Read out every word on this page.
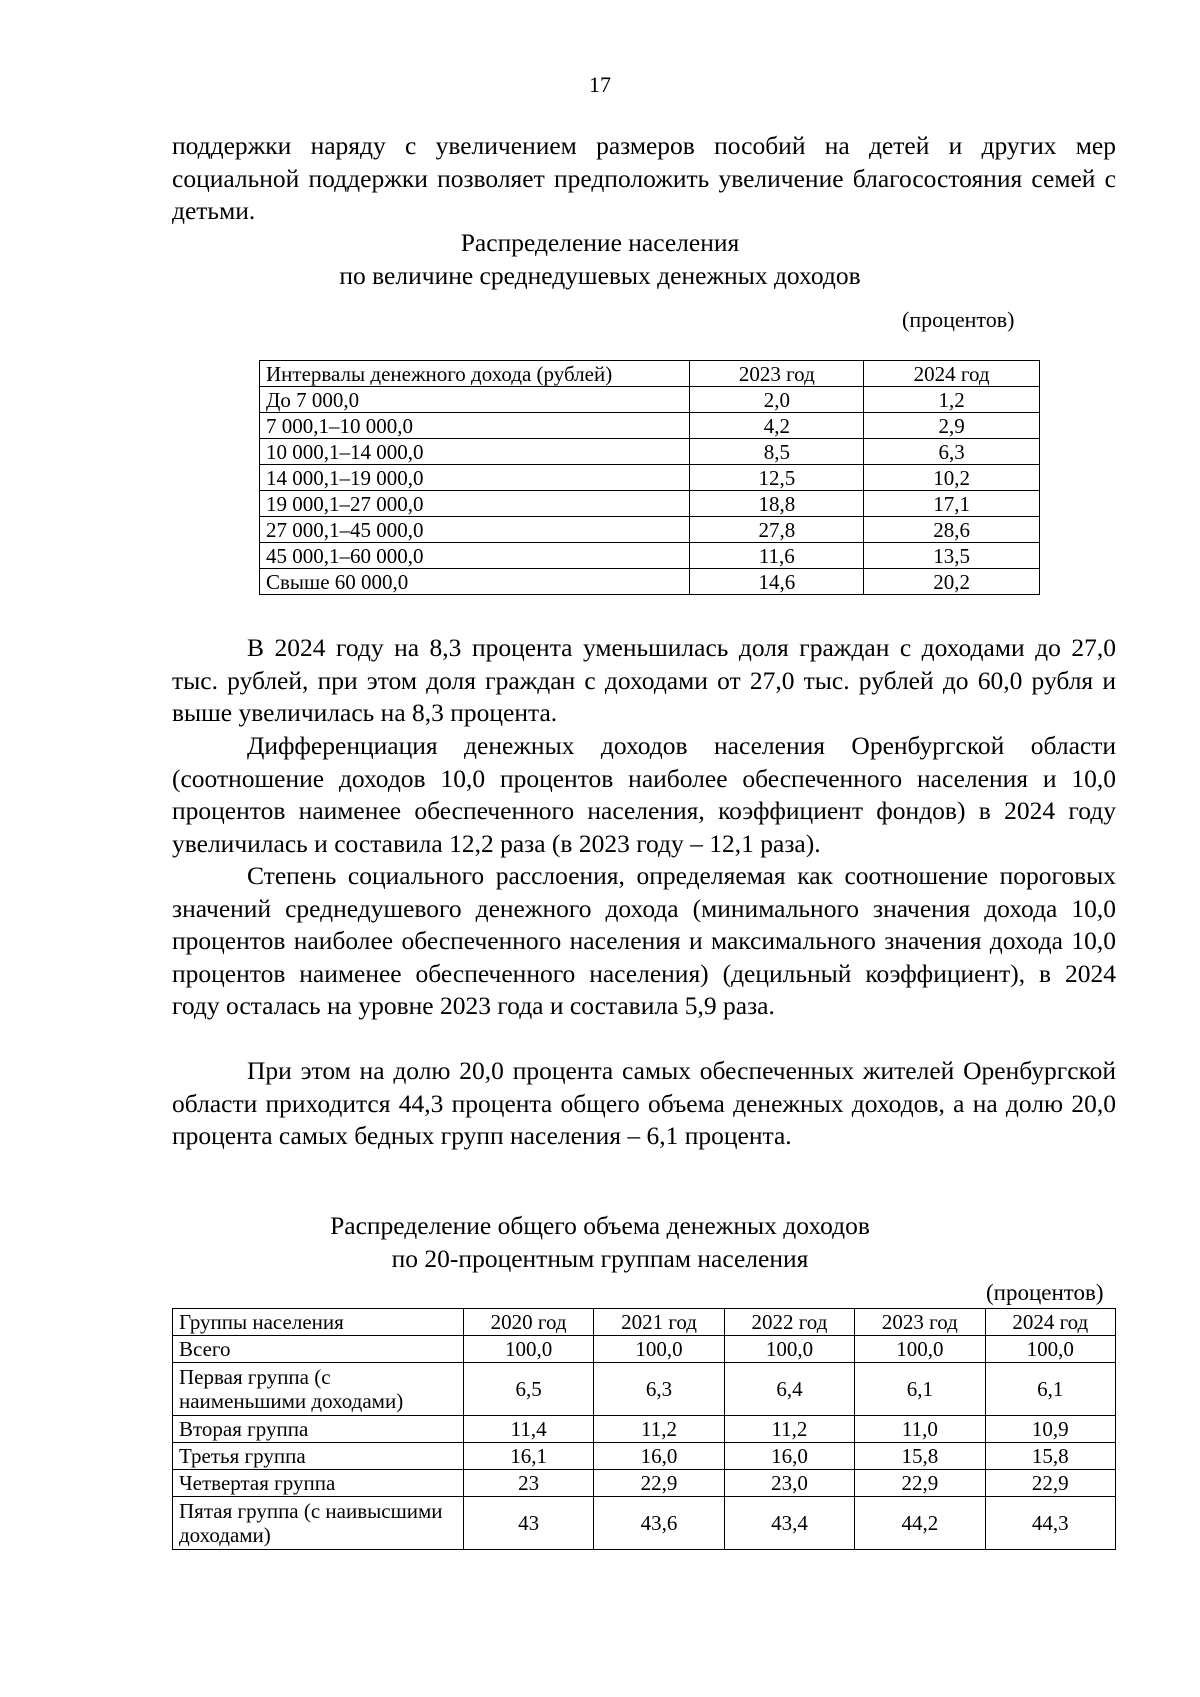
17

поддержки наряду с увеличением размеров пособий на детей и других мер социальной поддержки позволяет предположить увеличение благосостояния семей с детьми.

Распределение населения
по величине среднедушевых денежных доходов
(процентов)
Интервалы денежного дохода (рублей)	2023 год	2024 год
До 7 000,0	2,0	1,2
7 000,1–10 000,0	4,2	2,9
10 000,1–14 000,0	8,5	6,3
14 000,1–19 000,0	12,5	10,2
19 000,1–27 000,0	18,8	17,1
27 000,1–45 000,0	27,8	28,6
45 000,1–60 000,0	11,6	13,5
Свыше 60 000,0	14,6	20,2

В 2024 году на 8,3 процента уменьшилась доля граждан с доходами до 27,0 тыс. рублей, при этом доля граждан с доходами от 27,0 тыс. рублей до 60,0 рубля и выше увеличилась на 8,3 процента.

Дифференциация денежных доходов населения Оренбургской области (соотношение доходов 10,0 процентов наиболее обеспеченного населения и 10,0 процентов наименее обеспеченного населения, коэффициент фондов) в 2024 году увеличилась и составила 12,2 раза (в 2023 году – 12,1 раза).

Степень социального расслоения, определяемая как соотношение пороговых значений среднедушевого денежного дохода (минимального значения дохода 10,0 процентов наиболее обеспеченного населения и максимального значения дохода 10,0 процентов наименее обеспеченного населения) (децильный коэффициент), в 2024 году осталась на уровне 2023 года и составила 5,9 раза.

При этом на долю 20,0 процента самых обеспеченных жителей Оренбургской области приходится 44,3 процента общего объема денежных доходов, а на долю 20,0 процента самых бедных групп населения – 6,1 процента.

Распределение общего объема денежных доходов
по 20-процентным группам населения
(процентов)
Группы населения	2020 год	2021 год	2022 год	2023 год	2024 год
Всего	100,0	100,0	100,0	100,0	100,0
Первая группа (с наименьшими доходами)	6,5	6,3	6,4	6,1	6,1
Вторая группа	11,4	11,2	11,2	11,0	10,9
Третья группа	16,1	16,0	16,0	15,8	15,8
Четвертая группа	23	22,9	23,0	22,9	22,9
Пятая группа (с наивысшими доходами)	43	43,6	43,4	44,2	44,3
